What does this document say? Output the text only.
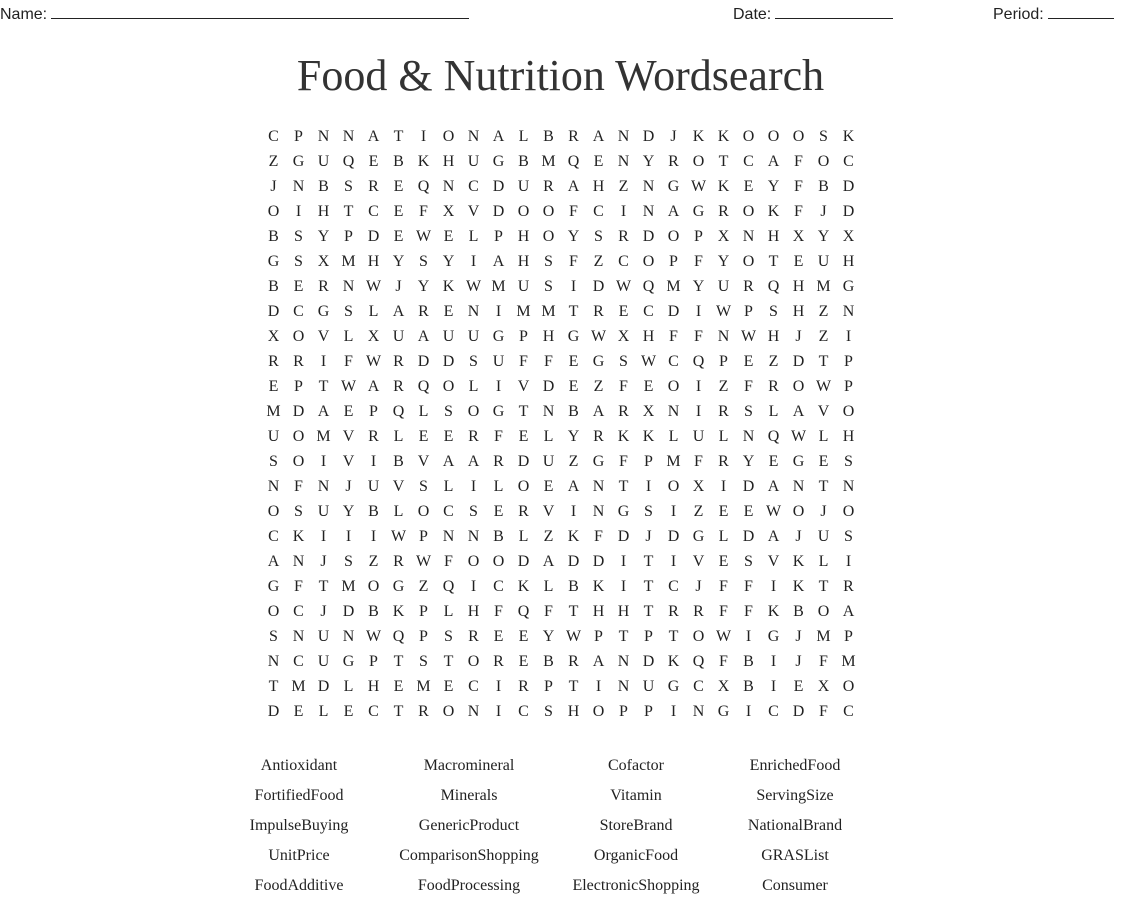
Name:	Date:	Period:
Food & Nutrition Wordsearch
C	P	N	N	A	T	I	O	N	A	L	B	R	A	N	D	J	K	K	O	O	O	S	K
Z	G	U	Q	E	B	K	H	U	G	B	M	Q	E	N	Y	R	O	T	C	A	F	O	C
J	N	B	S	R	E	Q	N	C	D	U	R	A	H	Z	N	G	W	K	E	Y	F	B	D
O	I	H	T	C	E	F	X	V	D	O	O	F	C	I	N	A	G	R	O	K	F	J	D
B	S	Y	P	D	E	W	E	L	P	H	O	Y	S	R	D	O	P	X	N	H	X	Y	X
G	S	X	M	H	Y	S	Y	I	A	H	S	F	Z	C	O	P	F	Y	O	T	E	U	H
B	E	R	N	W	J	Y	K	W	M	U	S	I	D	W	Q	M	Y	U	R	Q	H	M	G
D	C	G	S	L	A	R	E	N	I	M	M	T	R	E	C	D	I	W	P	S	H	Z	N
X	O	V	L	X	U	A	U	U	G	P	H	G	W	X	H	F	F	N	W	H	J	Z	I
R	R	I	F	W	R	D	D	S	U	F	F	E	G	S	W	C	Q	P	E	Z	D	T	P
E	P	T	W	A	R	Q	O	L	I	V	D	E	Z	F	E	O	I	Z	F	R	O	W	P
M	D	A	E	P	Q	L	S	O	G	T	N	B	A	R	X	N	I	R	S	L	A	V	O
U	O	M	V	R	L	E	E	R	F	E	L	Y	R	K	K	L	U	L	N	Q	W	L	H
S	O	I	V	I	B	V	A	A	R	D	U	Z	G	F	P	M	F	R	Y	E	G	E	S
N	F	N	J	U	V	S	L	I	L	O	E	A	N	T	I	O	X	I	D	A	N	T	N
O	S	U	Y	B	L	O	C	S	E	R	V	I	N	G	S	I	Z	E	E	W	O	J	O
C	K	I	I	I	W	P	N	N	B	L	Z	K	F	D	J	D	G	L	D	A	J	U	S
A	N	J	S	Z	R	W	F	O	O	D	A	D	D	I	T	I	V	E	S	V	K	L	I
G	F	T	M	O	G	Z	Q	I	C	K	L	B	K	I	T	C	J	F	F	I	K	T	R
O	C	J	D	B	K	P	L	H	F	Q	F	T	H	H	T	R	R	F	F	K	B	O	A
S	N	U	N	W	Q	P	S	R	E	E	Y	W	P	T	P	T	O	W	I	G	J	M	P
N	C	U	G	P	T	S	T	O	R	E	B	R	A	N	D	K	Q	F	B	I	J	F	M
T	M	D	L	H	E	M	E	C	I	R	P	T	I	N	U	G	C	X	B	I	E	X	O
D	E	L	E	C	T	R	O	N	I	C	S	H	O	P	P	I	N	G	I	C	D	F	C
Antioxidant	Macromineral	Cofactor	EnrichedFood
FortifiedFood	Minerals	Vitamin	ServingSize
ImpulseBuying	GenericProduct	StoreBrand	NationalBrand
UnitPrice	ComparisonShopping	OrganicFood	GRASList
FoodAdditive	FoodProcessing	ElectronicShopping	Consumer
